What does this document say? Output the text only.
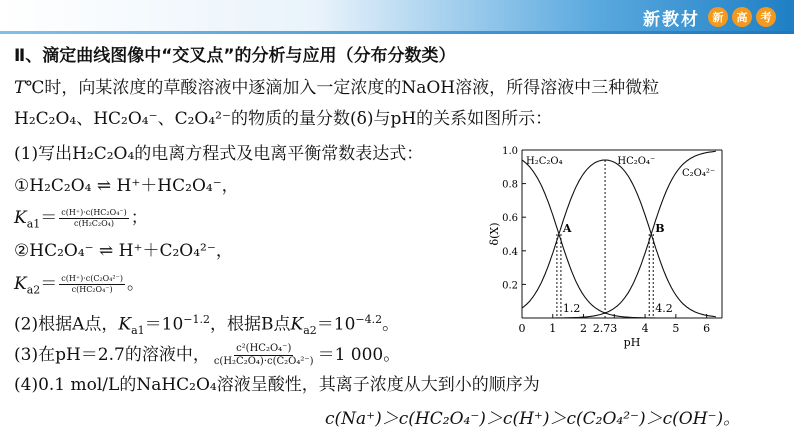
新教材	新	高	考
Ⅱ、滴定曲线图像中“交叉点”的分析与应用（分布分数类）
T℃时，向某浓度的草酸溶液中逐滴加入一定浓度的NaOH溶液，所得溶液中三种微粒
H₂C₂O₄、HC₂O₄⁻、C₂O₄²⁻的物质的量分数(δ)与pH的关系如图所示：
(1)写出H₂C₂O₄的电离方程式及电离平衡常数表达式：
①H₂C₂O₄ ⇌ H⁺＋HC₂O₄⁻，
$K_{a1}= \frac{\text{c(H⁺)·c(HC₂O₄⁻)}}{\text{c(H₂C₂O₄)}}$ ；
②HC₂O₄⁻ ⇌ H⁺＋C₂O₄²⁻，
$K_{a2}= \frac{\text{c(H⁺)·c(C₂O₄²⁻)}}{\text{c(HC₂O₄⁻)}}$ 。
(2)根据A点，$K_{a1}=10^{-1.2}$，根据B点$K_{a2}=10^{-4.2}$。
(3)在pH＝2.7的溶液中， $\frac{\text{c²(HC₂O₄⁻)}}{\text{c(H₂C₂O₄)·c(C₂O₄²⁻)}} =1$ 000。
(4)0.1 mol/L的NaHC₂O₄溶液呈酸性，其离子浓度从大到小的顺序为
c(Na⁺)＞c(HC₂O₄⁻)＞c(H⁺)＞c(C₂O₄²⁻)＞c(OH⁻)。
0 1 2	4 5 6
0.2
0.4
0.6
0.8
1.0
2.73
H₂C₂O₄	HC₂O₄⁻
C₂O₄²⁻
A	B
1.2	4.2
pH
δ(X)
